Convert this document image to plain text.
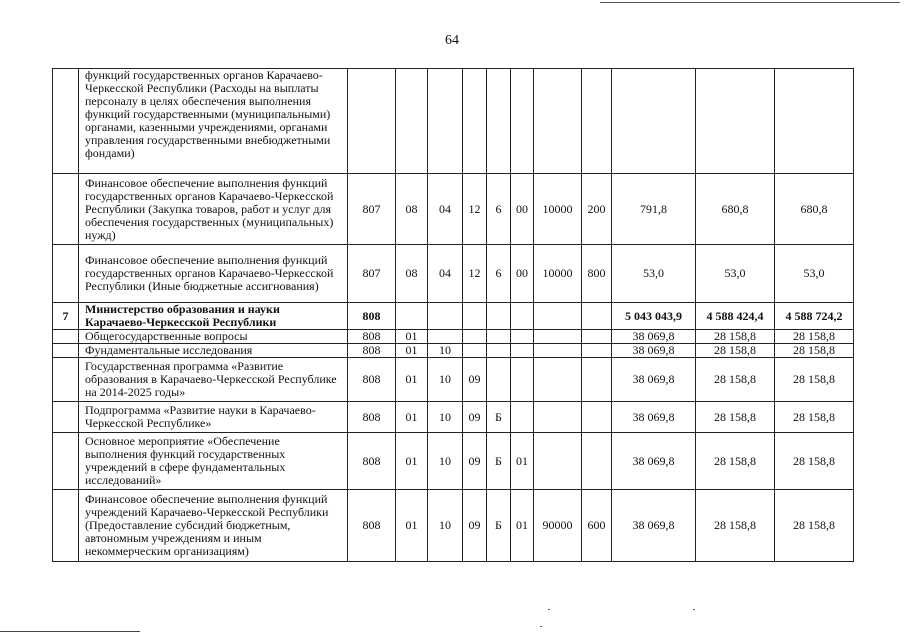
64
	функций государственных органов Карачаево-Черкесской Республики (Расходы на выплаты персоналу в целях обеспечения выполнения функций государственными (муниципальными) органами, казенными учреждениями, органами управления государственными внебюджетными фондами)											
	Финансовое обеспечение выполнения функций государственных органов Карачаево-Черкесской Республики (Закупка товаров, работ и услуг для обеспечения государственных (муниципальных) нужд)	807	08	04	12	6	00	10000	200	791,8	680,8	680,8
	Финансовое обеспечение выполнения функций государственных органов Карачаево-Черкесской Республики (Иные бюджетные ассигнования)	807	08	04	12	6	00	10000	800	53,0	53,0	53,0
7	Министерство образования и науки Карачаево-Черкесской Республики	808								5 043 043,9	4 588 424,4	4 588 724,2
	Общегосударственные вопросы	808	01							38 069,8	28 158,8	28 158,8
	Фундаментальные исследования	808	01	10						38 069,8	28 158,8	28 158,8
	Государственная программа «Развитие образования в Карачаево-Черкесской Республике на 2014-2025 годы»	808	01	10	09					38 069,8	28 158,8	28 158,8
	Подпрограмма «Развитие науки в Карачаево-Черкесской Республике»	808	01	10	09	Б				38 069,8	28 158,8	28 158,8
	Основное мероприятие «Обеспечение выполнения функций государственных учреждений в сфере фундаментальных исследований»	808	01	10	09	Б	01			38 069,8	28 158,8	28 158,8
	Финансовое обеспечение выполнения функций учреждений Карачаево-Черкесской Республики (Предоставление субсидий бюджетным, автономным учреждениям и иным некоммерческим организациям)	808	01	10	09	Б	01	90000	600	38 069,8	28 158,8	28 158,8
